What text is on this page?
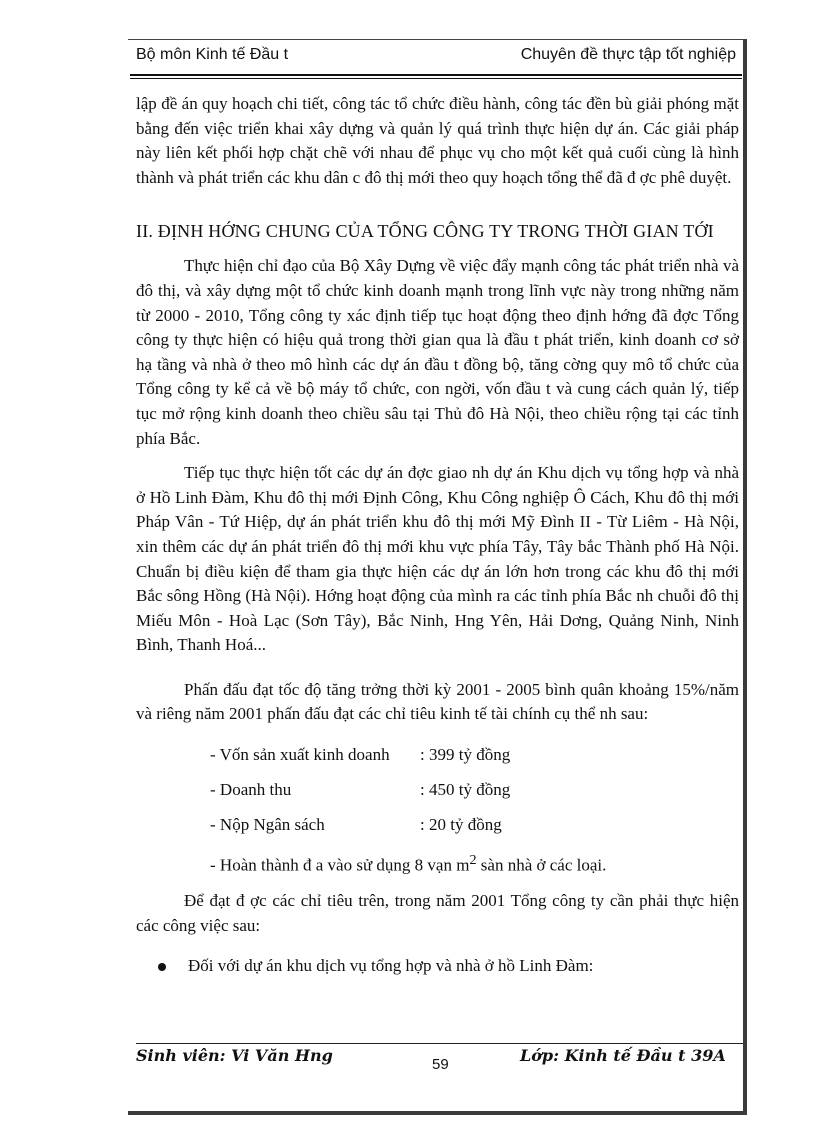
Bộ môn Kinh tế Đầu t	Chuyên đề thực tập tốt nghiệp

lập đề án quy hoạch chi tiết, công tác tổ chức điều hành, công tác đền bù giải phóng mặt bằng đến việc triển khai xây dựng và quản lý quá trình thực hiện dự án. Các giải pháp này liên kết phối hợp chặt chẽ với nhau để phục vụ cho một kết quả cuối cùng là hình thành và phát triển các khu dân c đô thị mới theo quy hoạch tổng thể đã đ ợc phê duyệt.

II. ĐỊNH HỚNG CHUNG CỦA TỔNG CÔNG TY TRONG THỜI GIAN TỚI

Thực hiện chỉ đạo của Bộ Xây Dựng về việc đẩy mạnh công tác phát triển nhà và đô thị, và xây dựng một tổ chức kinh doanh mạnh trong lĩnh vực này trong những năm từ 2000 - 2010, Tổng công ty xác định tiếp tục hoạt động theo định hớng đã đợc Tổng công ty thực hiện có hiệu quả trong thời gian qua là đầu t phát triển, kinh doanh cơ sở hạ tầng và nhà ở theo mô hình các dự án đầu t đồng bộ, tăng cờng quy mô tổ chức của Tổng công ty kể cả về bộ máy tổ chức, con ngời, vốn đầu t và cung cách quản lý, tiếp tục mở rộng kinh doanh theo chiều sâu tại Thủ đô Hà Nội, theo chiều rộng tại các tỉnh phía Bắc.

Tiếp tục thực hiện tốt các dự án đợc giao nh dự án Khu dịch vụ tổng hợp và nhà ở Hồ Linh Đàm, Khu đô thị mới Định Công, Khu Công nghiệp Ô Cách, Khu đô thị mới Pháp Vân - Tứ Hiệp, dự án phát triển khu đô thị mới Mỹ Đình II - Từ Liêm - Hà Nội, xin thêm các dự án phát triển đô thị mới khu vực phía Tây, Tây bắc Thành phố Hà Nội. Chuẩn bị điều kiện để tham gia thực hiện các dự án lớn hơn trong các khu đô thị mới Bắc sông Hồng (Hà Nội). Hớng hoạt động của mình ra các tỉnh phía Bắc nh chuỗi đô thị Miếu Môn - Hoà Lạc (Sơn Tây), Bắc Ninh, Hng Yên, Hải Dơng, Quảng Ninh, Ninh Bình, Thanh Hoá...

Phấn đấu đạt tốc độ tăng trởng thời kỳ 2001 - 2005 bình quân khoảng 15%/năm và riêng năm 2001 phấn đấu đạt các chỉ tiêu kinh tế tài chính cụ thể nh sau:

- Vốn sản xuất kinh doanh	: 399 tỷ đồng
- Doanh thu	: 450 tỷ đồng
- Nộp Ngân sách	: 20 tỷ đồng
- Hoàn thành đ a vào sử dụng 8 vạn $m^2$ sàn nhà ở các loại.

Để đạt đ ợc các chỉ tiêu trên, trong năm 2001 Tổng công ty cần phải thực hiện các công việc sau:

Đối với dự án khu dịch vụ tổng hợp và nhà ở hồ Linh Đàm:
Sinh viên: Vi Văn Hng	59	Lớp: Kinh tế Đầu t 39A
